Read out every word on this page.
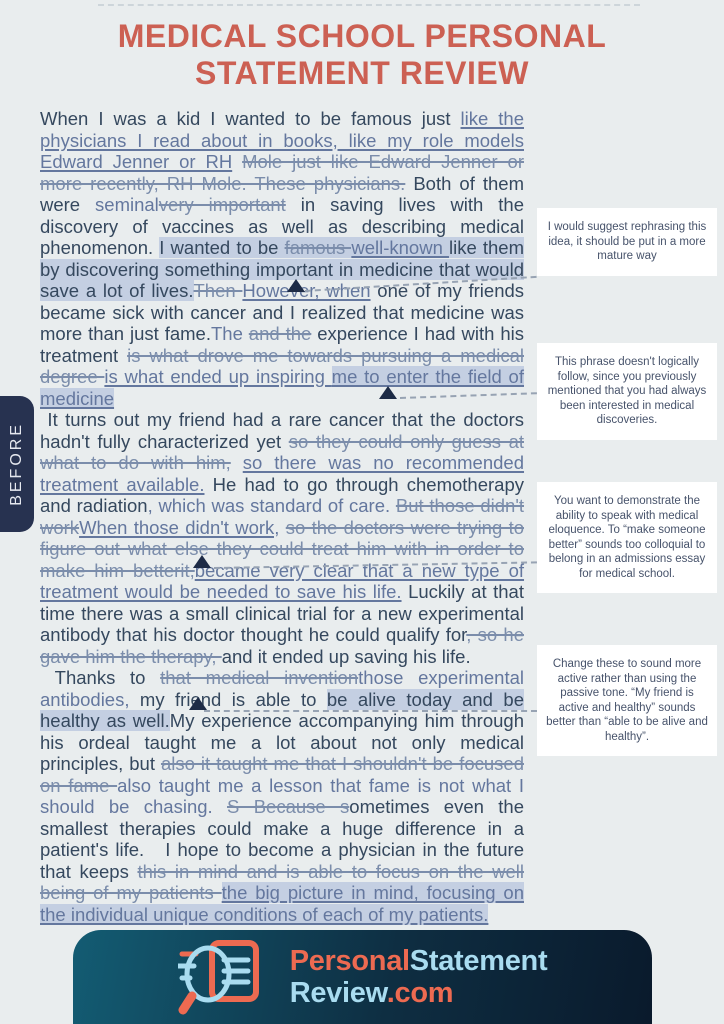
MEDICAL SCHOOL PERSONAL STATEMENT REVIEW

When I was a kid I wanted to be famous just like the physicians I read about in books, like my role models Edward Jenner or RH Mole just like Edward Jenner or more recently, RH Mole. These physicians. Both of them were seminalvery important in saving lives with the discovery of vaccines as well as describing medical phenomenon. I wanted to be famous well-known like them by discovering something important in medicine that would save a lot of lives.Then However, when one of my friends became sick with cancer and I realized that medicine was more than just fame.The and the experience I had with his treatment is what drove me towards pursuing a medical degree is what ended up inspiring me to enter the field of medicine

It turns out my friend had a rare cancer that the doctors hadn't fully characterized yet so they could only guess at what to do with him, so there was no recommended treatment available. He had to go through chemotherapy and radiation, which was standard of care. But those didn't workWhen those didn't work, so the doctors were trying to figure out what else they could treat him with in order to make him betterit,became very clear that a new type of treatment would be needed to save his life. Luckily at that time there was a small clinical trial for a new experimental antibody that his doctor thought he could qualify for, so he gave him the therapy, and it ended up saving his life.

Thanks to that medical inventionthose experimental antibodies, my friend is able to be alive today and be healthy as well.My experience accompanying him through his ordeal taught me a lot about not only medical principles, but also it taught me that I shouldn't be focused on fame also taught me a lesson that fame is not what I should be chasing. S Because sometimes even the smallest therapies could make a huge difference in a patient's life.   I hope to become a physician in the future that keeps this in mind and is able to focus on the well being of my patients the big picture in mind, focusing on the individual unique conditions of each of my patients.

BEFORE
I would suggest rephrasing this idea, it should be put in a more mature way
This phrase doesn't logically follow, since you previously mentioned that you had always been interested in medical discoveries.
You want to demonstrate the ability to speak with medical eloquence. To “make someone better” sounds too colloquial to belong in an admissions essay for medical school.
Change these to sound more active rather than using the passive tone. “My friend is active and healthy” sounds better than “able to be alive and healthy”.
PersonalStatement
Review.com
